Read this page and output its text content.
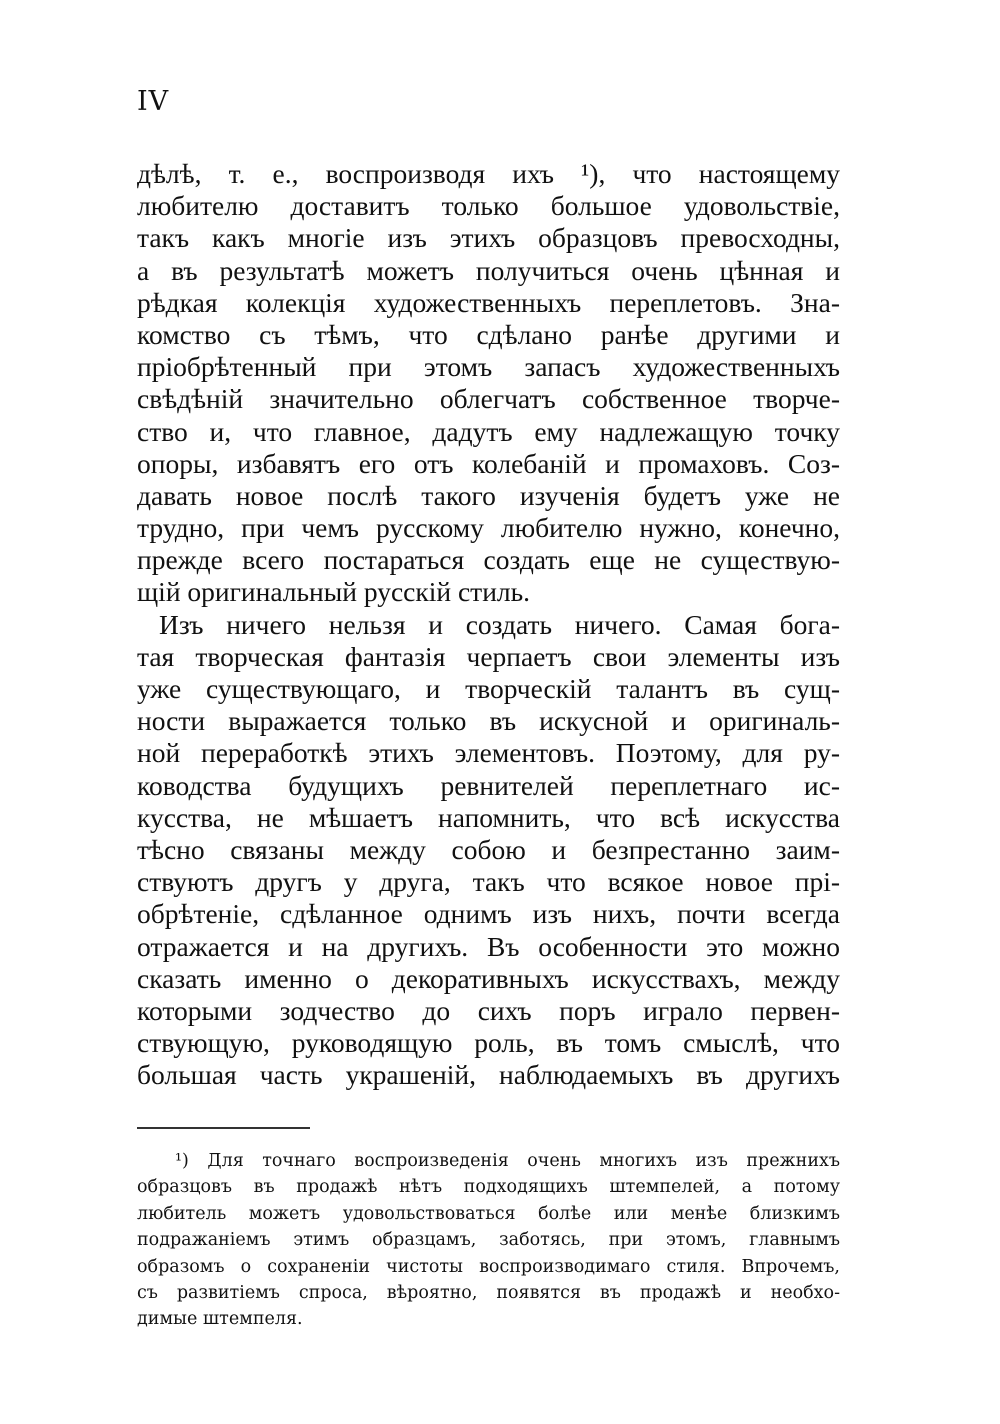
IV
дѣлѣ, т. е., воспроизводя ихъ ¹), что настоящему
любителю доставитъ только большое удовольствіе,
такъ какъ многіе изъ этихъ образцовъ превосходны,
а въ результатѣ можетъ получиться очень цѣнная и
рѣдкая колекція художественныхъ переплетовъ. Зна-
комство съ тѣмъ, что сдѣлано ранѣе другими и
пріобрѣтенный при этомъ запасъ художественныхъ
свѣдѣній значительно облегчатъ собственное творче-
ство и, что главное, дадутъ ему надлежащую точку
опоры, избавятъ его отъ колебаній и промаховъ. Соз-
давать новое послѣ такого изученія будетъ уже не
трудно, при чемъ русскому любителю нужно, конечно,
прежде всего постараться создать еще не существую-
щій оригинальный русскій стиль.
Изъ ничего нельзя и создать ничего. Самая бога-
тая творческая фантазія черпаетъ свои элементы изъ
уже существующаго, и творческій талантъ въ сущ-
ности выражается только въ искусной и оригиналь-
ной переработкѣ этихъ элементовъ. Поэтому, для ру-
ководства будущихъ ревнителей переплетнаго ис-
кусства, не мѣшаетъ напомнить, что всѣ искусства
тѣсно связаны между собою и безпрестанно заим-
ствуютъ другъ у друга, такъ что всякое новое прі-
обрѣтеніе, сдѣланное однимъ изъ нихъ, почти всегда
отражается и на другихъ. Въ особенности это можно
сказать именно о декоративныхъ искусствахъ, между
которыми зодчество до сихъ поръ играло первен-
ствующую, руководящую роль, въ томъ смыслѣ, что
большая часть украшеній, наблюдаемыхъ въ другихъ
¹) Для точнаго воспроизведенія очень многихъ изъ прежнихъ
образцовъ въ продажѣ нѣтъ подходящихъ штемпелей, а потому
любитель можетъ удовольствоваться болѣе или менѣе близкимъ
подражаніемъ этимъ образцамъ, заботясь, при этомъ, главнымъ
образомъ о сохраненіи чистоты воспроизводимаго стиля. Впрочемъ,
съ развитіемъ спроса, вѣроятно, появятся въ продажѣ и необхо-
димые штемпеля.
